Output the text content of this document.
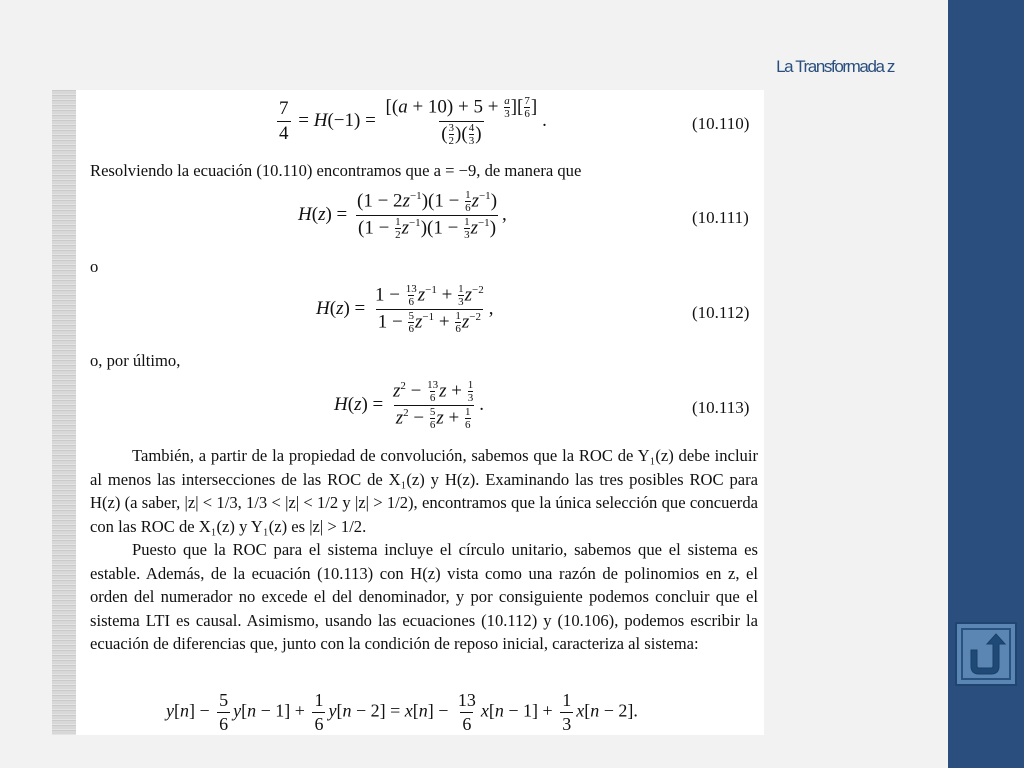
La Transformada z
$\frac{7}{4} = H(-1) = \frac{[(a + 10) + 5 + \frac{a}{3} ][ \frac{7}{6} ]}{( \frac{3}{2} )( \frac{4}{3} )}$ .	(10.110)
Resolviendo la ecuación (10.110) encontramos que a = −9, de manera que
$H(z) = \frac{(1 - 2z^{-1})(1 - \frac{1}{6} z^{-1})}{(1 - \frac{1}{2} z^{-1})(1 - \frac{1}{3} z^{-1})}$ ,	(10.111)
o
$H(z) = \frac{1 - \frac{13}{6} z^{-1} + \frac{1}{3} z^{-2}}{1 - \frac{5}{6} z^{-1} + \frac{1}{6} z^{-2}}$ ,	(10.112)
o, por último,
$H(z) = \frac{z^2 - \frac{13}{6} z + \frac{1}{3}}{z^2 - \frac{5}{6} z + \frac{1}{6}}$ .	(10.113)
También, a partir de la propiedad de convolución, sabemos que la ROC de Y₁(z) debe incluir al menos las intersecciones de las ROC de X₁(z) y H(z). Examinando las tres posibles ROC para H(z) (a saber, |z| < 1/3, 1/3 < |z| < 1/2 y |z| > 1/2), encontramos que la única selección que concuerda con las ROC de X₁(z) y Y₁(z) es |z| > 1/2.
Puesto que la ROC para el sistema incluye el círculo unitario, sabemos que el sistema es estable. Además, de la ecuación (10.113) con H(z) vista como una razón de polinomios en z, el orden del numerador no excede el del denominador, y por consiguiente podemos concluir que el sistema LTI es causal. Asimismo, usando las ecuaciones (10.112) y (10.106), podemos escribir la ecuación de diferencias que, junto con la condición de reposo inicial, caracteriza al sistema:
$y[n] - \frac{5}{6} y[n - 1] + \frac{1}{6} y[n - 2] = x[n] - \frac{13}{6} x[n - 1] + \frac{1}{3} x[n - 2]$.
